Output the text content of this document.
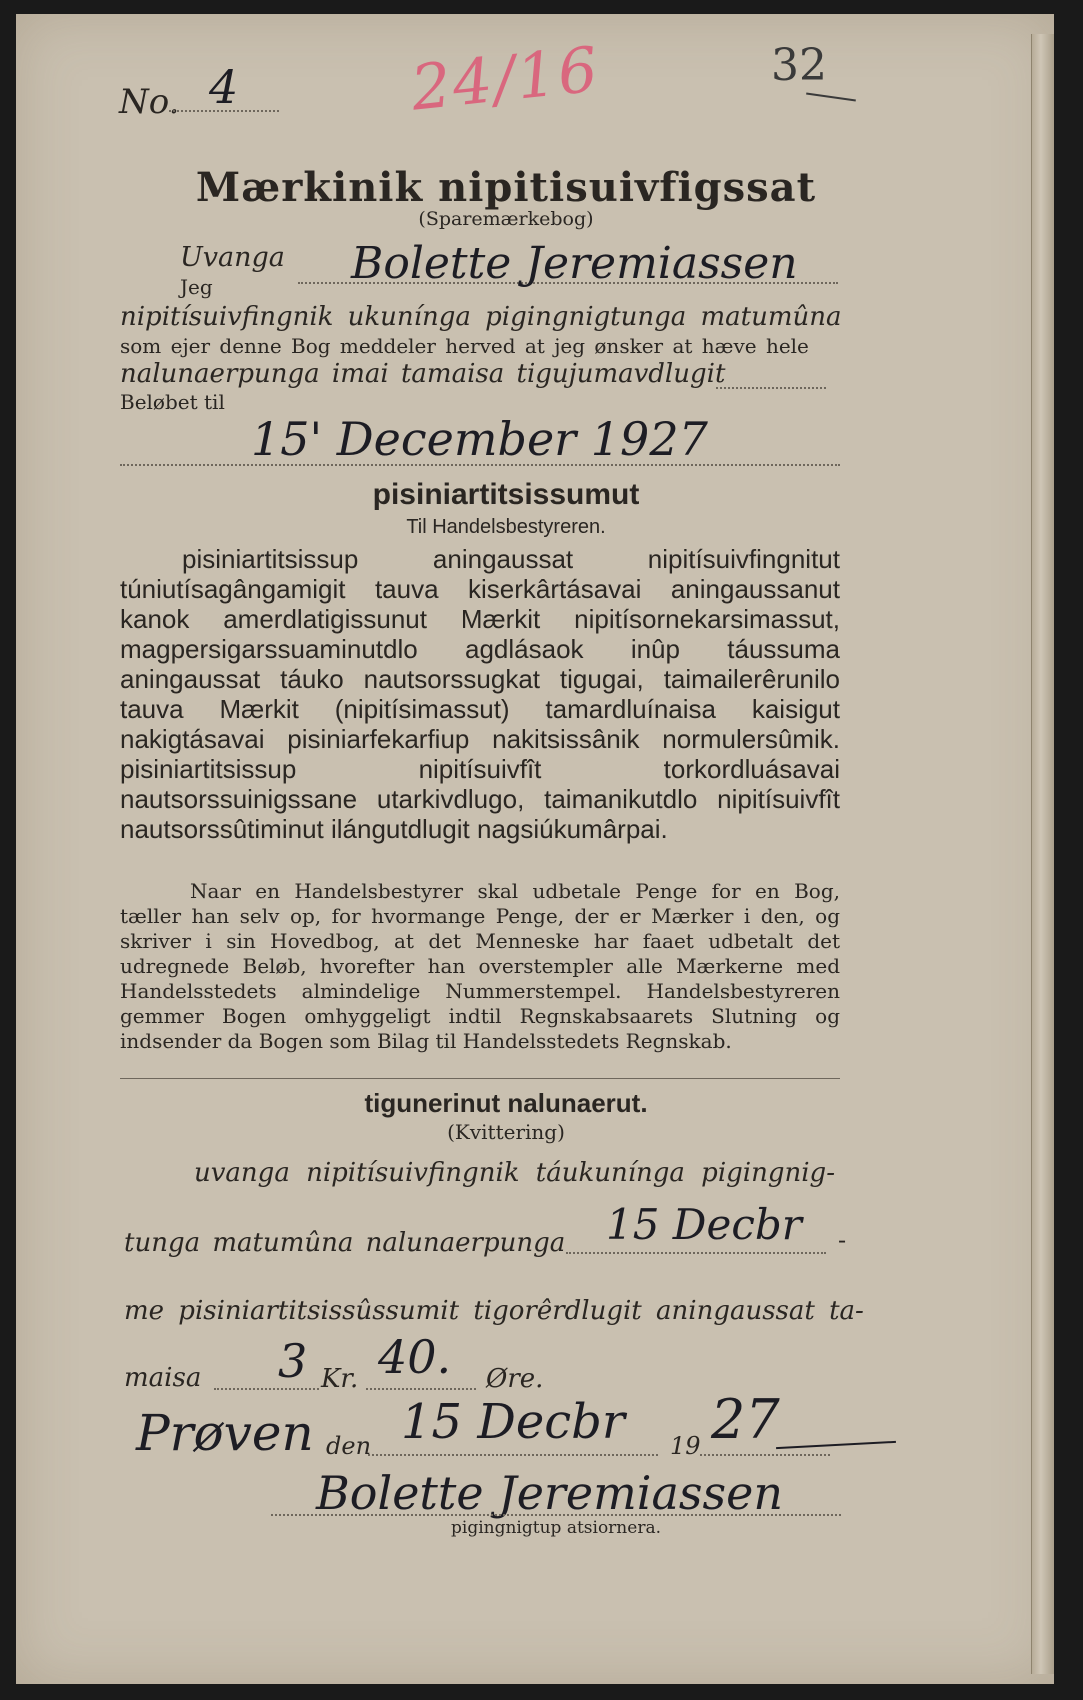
No. 4	24/16	32
Mærkinik nipitisuivfigssat
(Sparemærkebog)
Uvanga
Jeg	Bolette Jeremiassen
nipitísuivfingnik ukunínga pigingnigtunga matumûna
som ejer denne Bog meddeler herved at jeg ønsker at hæve hele
nalunaerpunga imai tamaisa tigujumavdlugit
Beløbet til
15' December 1927
pisiniartitsissumut
Til Handelsbestyreren.
pisiniartitsissup aningaussat nipitísuivfingnitut túniutísagângamigit tauva kiserkârtásavai aningaussanut kanok amerdlatigissunut Mærkit nipitísornekarsimassut, magpersigarssuaminutdlo agdlásaok inûp táussuma aningaussat táuko nautsorssugkat tigugai, taimailerêrunilo tauva Mærkit (nipitísimassut) tamardluínaisa kaisigut nakigtásavai pisiniarfekarfiup nakitsissânik normulersûmik. pisiniartitsissup nipitísuivfît torkordluásavai nautsorssuinigssane utarkivdlugo, taimanikutdlo nipitísuivfît nautsorssûtiminut ilángutdlugit nagsiúkumârpai.
Naar en Handelsbestyrer skal udbetale Penge for en Bog, tæller han selv op, for hvormange Penge, der er Mærker i den, og skriver i sin Hovedbog, at det Menneske har faaet udbetalt det udregnede Beløb, hvorefter han overstempler alle Mærkerne med Handelsstedets almindelige Nummerstempel. Handelsbestyreren gemmer Bogen omhyggeligt indtil Regnskabsaarets Slutning og indsender da Bogen som Bilag til Handelsstedets Regnskab.
tigunerinut nalunaerut.
(Kvittering)
uvanga nipitísuivfingnik táukunínga pigingnig-
tunga matumûna nalunaerpunga 15 Decbr -
me pisiniartitsissûssumit tigorêrdlugit aningaussat ta-
maisa 3 Kr. 40. Øre.
Prøven den 15 Decbr 19 27
Bolette Jeremiassen
pigingnigtup atsiornera.
